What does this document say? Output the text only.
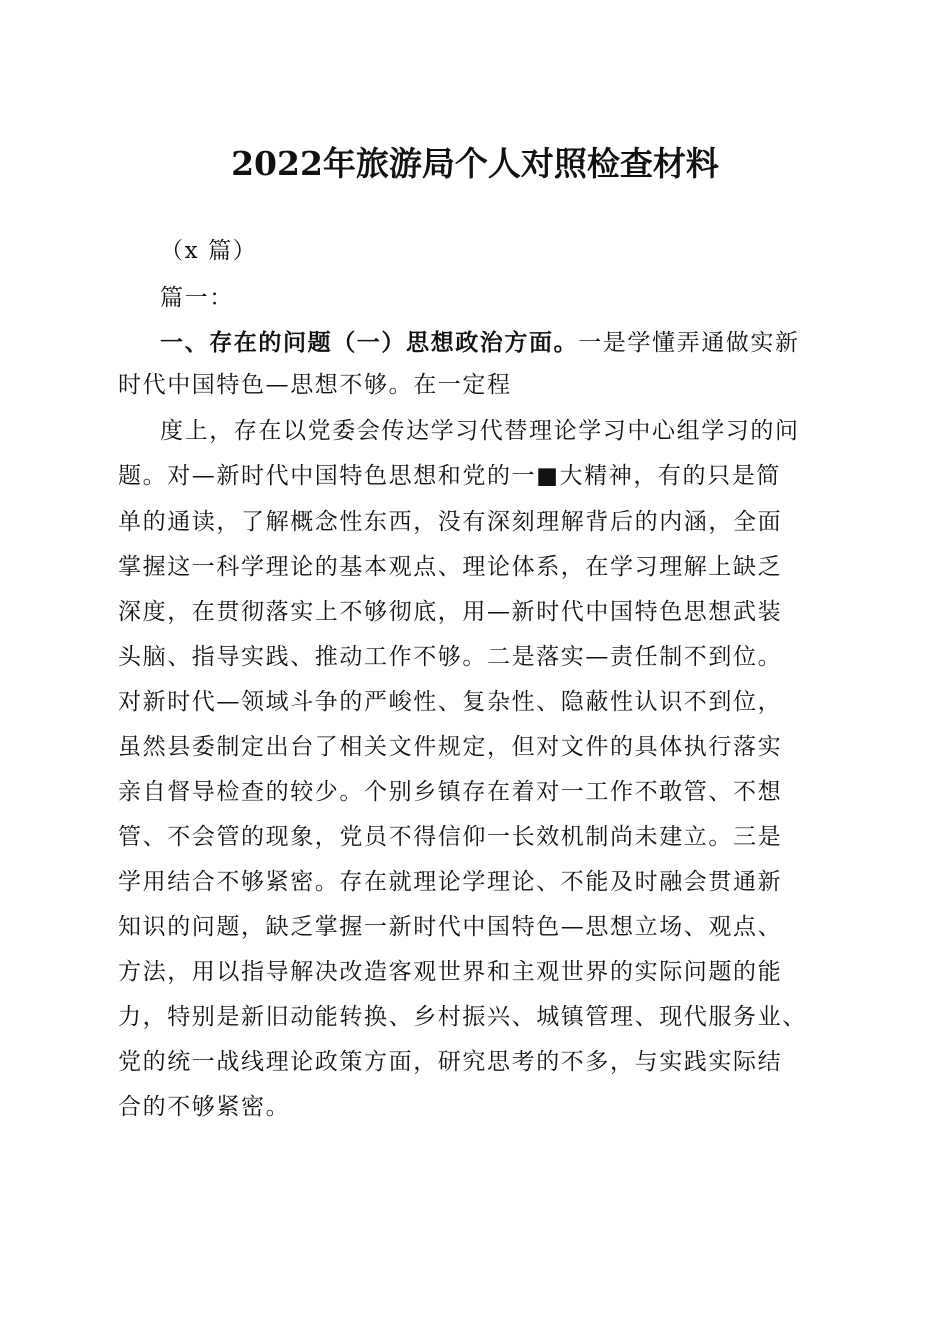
2022年旅游局个人对照检查材料

（x 篇）

篇一：

一、存在的问题（一）思想政治方面。一是学懂弄通做实新

时代中国特色—思想不够。在一定程

度上，存在以党委会传达学习代替理论学习中心组学习的问

题。对—新时代中国特色思想和党的一■大精神，有的只是简

单的通读，了解概念性东西，没有深刻理解背后的内涵，全面

掌握这一科学理论的基本观点、理论体系，在学习理解上缺乏

深度，在贯彻落实上不够彻底，用—新时代中国特色思想武装

头脑、指导实践、推动工作不够。二是落实—责任制不到位。

对新时代—领域斗争的严峻性、复杂性、隐蔽性认识不到位，

虽然县委制定出台了相关文件规定，但对文件的具体执行落实

亲自督导检查的较少。个别乡镇存在着对一工作不敢管、不想

管、不会管的现象，党员不得信仰一长效机制尚未建立。三是

学用结合不够紧密。存在就理论学理论、不能及时融会贯通新

知识的问题，缺乏掌握一新时代中国特色—思想立场、观点、

方法，用以指导解决改造客观世界和主观世界的实际问题的能

力，特别是新旧动能转换、乡村振兴、城镇管理、现代服务业、

党的统一战线理论政策方面，研究思考的不多，与实践实际结

合的不够紧密。
